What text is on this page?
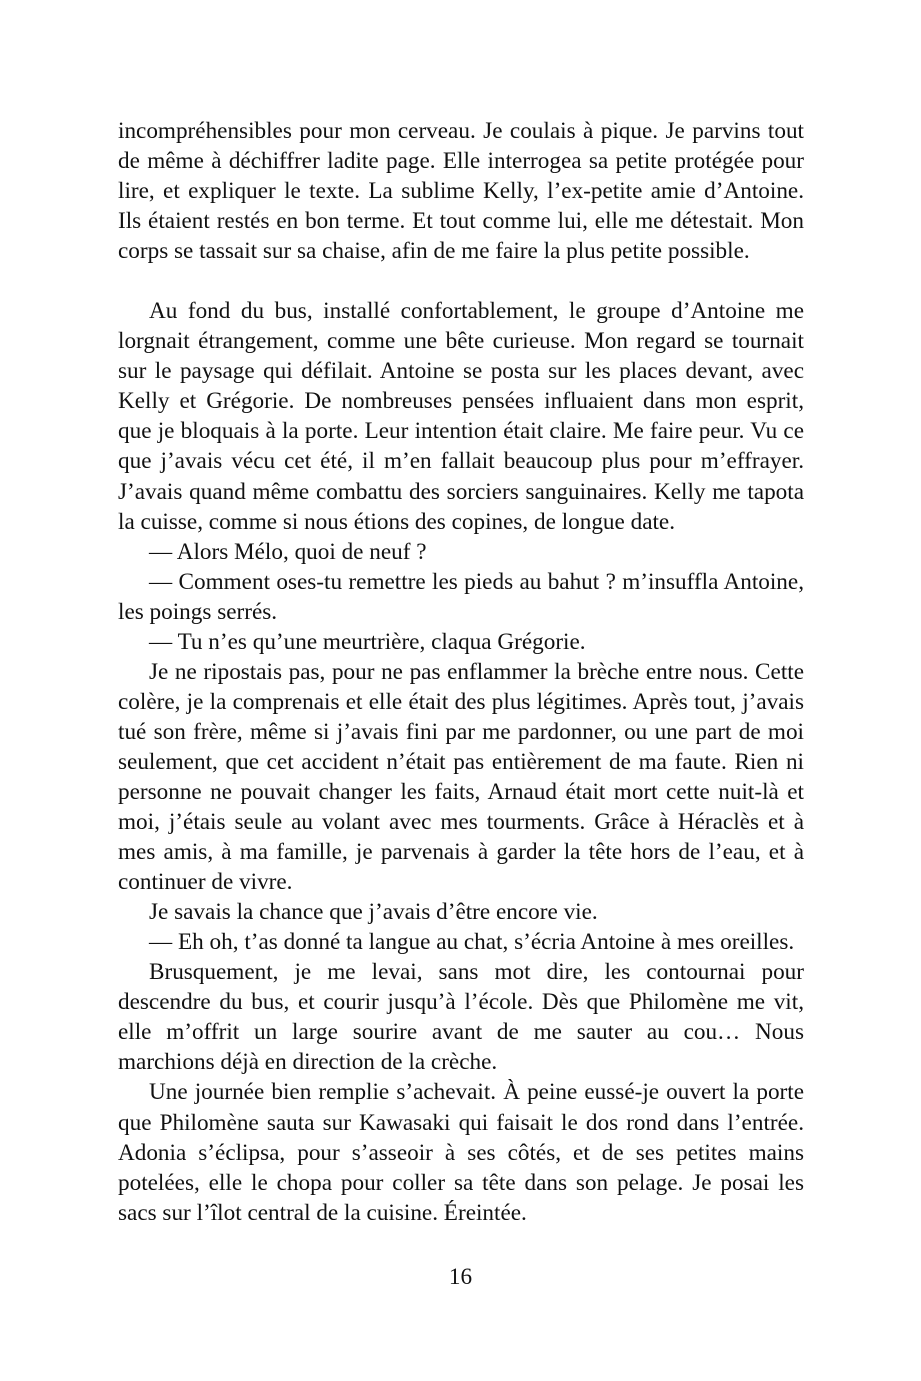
incompréhensibles pour mon cerveau. Je coulais à pique. Je parvins tout de même à déchiffrer ladite page. Elle interrogea sa petite protégée pour lire, et expliquer le texte. La sublime Kelly, l’ex-petite amie d’Antoine. Ils étaient restés en bon terme. Et tout comme lui, elle me détestait. Mon corps se tassait sur sa chaise, afin de me faire la plus petite possible.

Au fond du bus, installé confortablement, le groupe d’Antoine me lorgnait étrangement, comme une bête curieuse. Mon regard se tournait sur le paysage qui défilait. Antoine se posta sur les places devant, avec Kelly et Grégorie. De nombreuses pensées influaient dans mon esprit, que je bloquais à la porte. Leur intention était claire. Me faire peur. Vu ce que j’avais vécu cet été, il m’en fallait beaucoup plus pour m’effrayer. J’avais quand même combattu des sorciers sanguinaires. Kelly me tapota la cuisse, comme si nous étions des copines, de longue date.

— Alors Mélo, quoi de neuf ?

— Comment oses-tu remettre les pieds au bahut ? m’insuffla Antoine, les poings serrés.

— Tu n’es qu’une meurtrière, claqua Grégorie.

Je ne ripostais pas, pour ne pas enflammer la brèche entre nous. Cette colère, je la comprenais et elle était des plus légitimes. Après tout, j’avais tué son frère, même si j’avais fini par me pardonner, ou une part de moi seulement, que cet accident n’était pas entièrement de ma faute. Rien ni personne ne pouvait changer les faits, Arnaud était mort cette nuit-là et moi, j’étais seule au volant avec mes tourments. Grâce à Héraclès et à mes amis, à ma famille, je parvenais à garder la tête hors de l’eau, et à continuer de vivre.

Je savais la chance que j’avais d’être encore vie.

— Eh oh, t’as donné ta langue au chat, s’écria Antoine à mes oreilles.

Brusquement, je me levai, sans mot dire, les contournai pour descendre du bus, et courir jusqu’à l’école. Dès que Philomène me vit, elle m’offrit un large sourire avant de me sauter au cou… Nous marchions déjà en direction de la crèche.

Une journée bien remplie s’achevait. À peine eussé-je ouvert la porte que Philomène sauta sur Kawasaki qui faisait le dos rond dans l’entrée. Adonia s’éclipsa, pour s’asseoir à ses côtés, et de ses petites mains potelées, elle le chopa pour coller sa tête dans son pelage. Je posai les sacs sur l’îlot central de la cuisine. Éreintée.

16
